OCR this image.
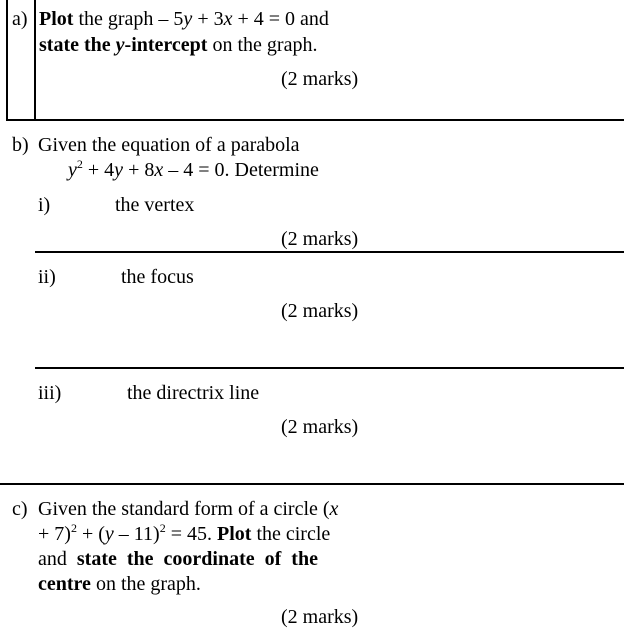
a) Plot the graph – 5y + 3x + 4 = 0 and
state the y-intercept on the graph.
(2 marks)
b) Given the equation of a parabola
$y^2 + 4y + 8x - 4 = 0$. Determine
i)	the vertex
(2 marks)
ii)	the focus
(2 marks)
iii)	the directrix line
(2 marks)
c) Given the standard form of a circle (x
+ 7)$^2$ + (y – 11)$^2$ = 45. Plot the circle
and  state  the  coordinate  of  the
centre on the graph.
(2 marks)
